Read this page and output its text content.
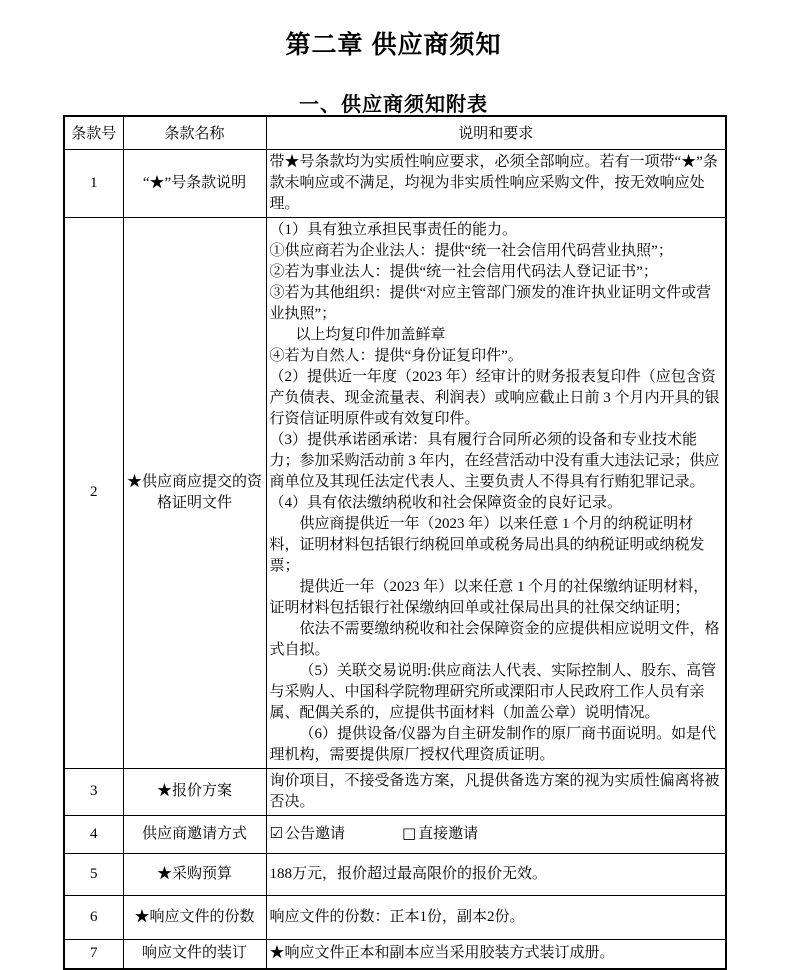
第二章 供应商须知
一、供应商须知附表
条款号	条款名称	说明和要求
1	“★”号条款说明	带★号条款均为实质性响应要求，必须全部响应。若有一项带“★”条款未响应或不满足，均视为非实质性响应采购文件，按无效响应处理。

2	★供应商应提交的资格证明文件	
（1）具有独立承担民事责任的能力。
①供应商若为企业法人：提供“统一社会信用代码营业执照”；
②若为事业法人：提供“统一社会信用代码法人登记证书”；
③若为其他组织：提供“对应主管部门颁发的准许执业证明文件或营业执照”；
以上均复印件加盖鲜章
④若为自然人：提供“身份证复印件”。
（2）提供近一年度（2023 年）经审计的财务报表复印件（应包含资产负债表、现金流量表、利润表）或响应截止日前 3 个月内开具的银行资信证明原件或有效复印件。
（3）提供承诺函承诺：具有履行合同所必须的设备和专业技术能力；参加采购活动前 3 年内，在经营活动中没有重大违法记录；供应商单位及其现任法定代表人、主要负责人不得具有行贿犯罪记录。
（4）具有依法缴纳税收和社会保障资金的良好记录。
供应商提供近一年（2023 年）以来任意 1 个月的纳税证明材料，证明材料包括银行纳税回单或税务局出具的纳税证明或纳税发票；
提供近一年（2023 年）以来任意 1 个月的社保缴纳证明材料，证明材料包括银行社保缴纳回单或社保局出具的社保交纳证明；
依法不需要缴纳税收和社会保障资金的应提供相应说明文件，格式自拟。
（5）关联交易说明:供应商法人代表、实际控制人、股东、高管与采购人、中国科学院物理研究所或溧阳市人民政府工作人员有亲属、配偶关系的，应提供书面材料（加盖公章）说明情况。
（6）提供设备/仪器为自主研发制作的原厂商书面说明。如是代理机构，需要提供原厂授权代理资质证明。

3	★报价方案	询价项目，不接受备选方案，凡提供备选方案的视为实质性偏离将被否决。

4	供应商邀请方式	☑ 公告邀请 □ 直接邀请
5	★采购预算	188万元，报价超过最高限价的报价无效。

6	★响应文件的份数	响应文件的份数：正本1份，副本2份。

7	响应文件的装订	★响应文件正本和副本应当采用胶装方式装订成册。
